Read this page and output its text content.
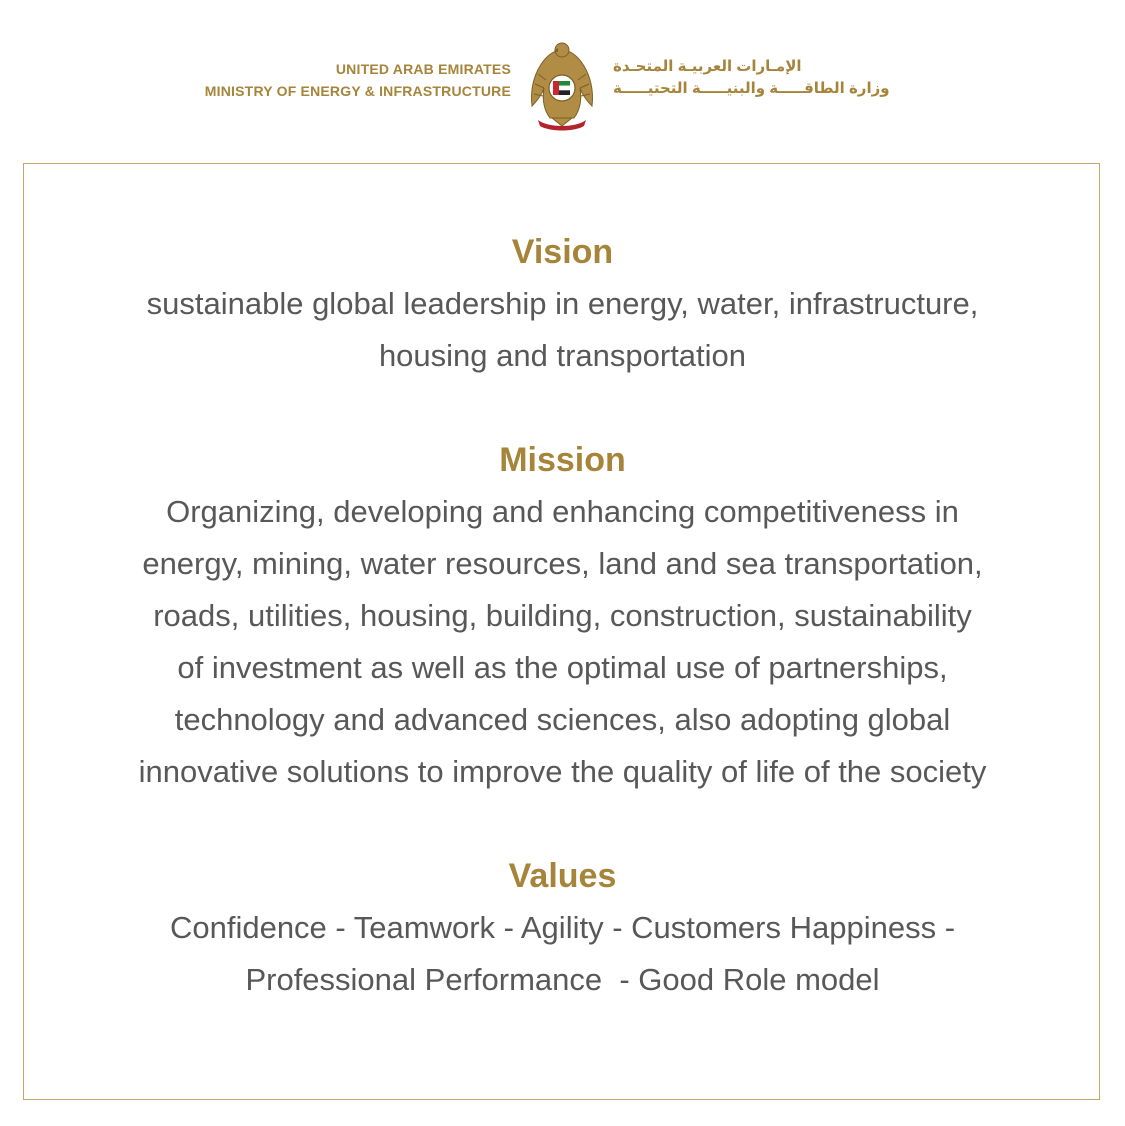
UNITED ARAB EMIRATES
MINISTRY OF ENERGY & INFRASTRUCTURE
الإمـارات العربيـة المتحـدة
وزارة الطاقـــــة والبنيـــــة التحتيـــــة
Vision
sustainable global leadership in energy, water, infrastructure,
housing and transportation
Mission
Organizing, developing and enhancing competitiveness in
energy, mining, water resources, land and sea transportation,
roads, utilities, housing, building, construction, sustainability
of investment as well as the optimal use of partnerships,
technology and advanced sciences, also adopting global
innovative solutions to improve the quality of life of the society
Values
Confidence - Teamwork - Agility - Customers Happiness -
Professional Performance  - Good Role model
